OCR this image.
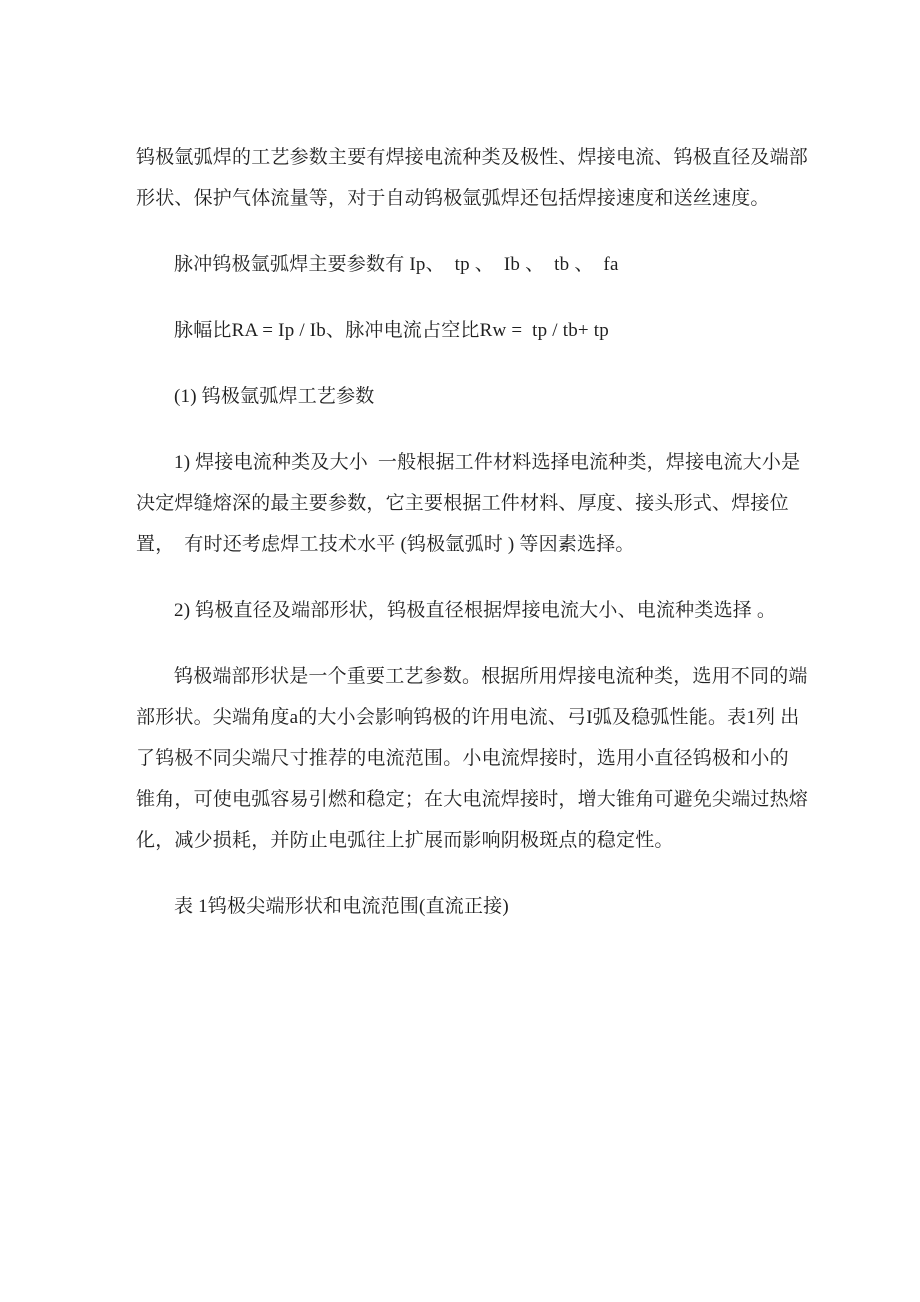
钨极氩弧焊的工艺参数主要有焊接电流种类及极性、焊接电流、钨极直径及端部
形状、保护气体流量等，对于自动钨极氩弧焊还包括焊接速度和送丝速度。
脉冲钨极氩弧焊主要参数有 Ip、  tp 、  Ib 、  tb 、  fa
脉幅比RA = Ip / Ib、脉冲电流占空比Rw =  tp / tb+ tp
(1) 钨极氩弧焊工艺参数
1) 焊接电流种类及大小  一般根据工件材料选择电流种类，焊接电流大小是
决定焊缝熔深的最主要参数，它主要根据工件材料、厚度、接头形式、焊接位
置，  有时还考虑焊工技术水平 (钨极氩弧时 ) 等因素选择。
2) 钨极直径及端部形状，钨极直径根据焊接电流大小、电流种类选择 。
钨极端部形状是一个重要工艺参数。根据所用焊接电流种类，选用不同的端
部形状。尖端角度a的大小会影响钨极的许用电流、弓I弧及稳弧性能。表1列 出
了钨极不同尖端尺寸推荐的电流范围。小电流焊接时，选用小直径钨极和小的
锥角，可使电弧容易引燃和稳定；在大电流焊接时，增大锥角可避免尖端过热熔
化，减少损耗，并防止电弧往上扩展而影响阴极斑点的稳定性。
表 1钨极尖端形状和电流范围(直流正接)
